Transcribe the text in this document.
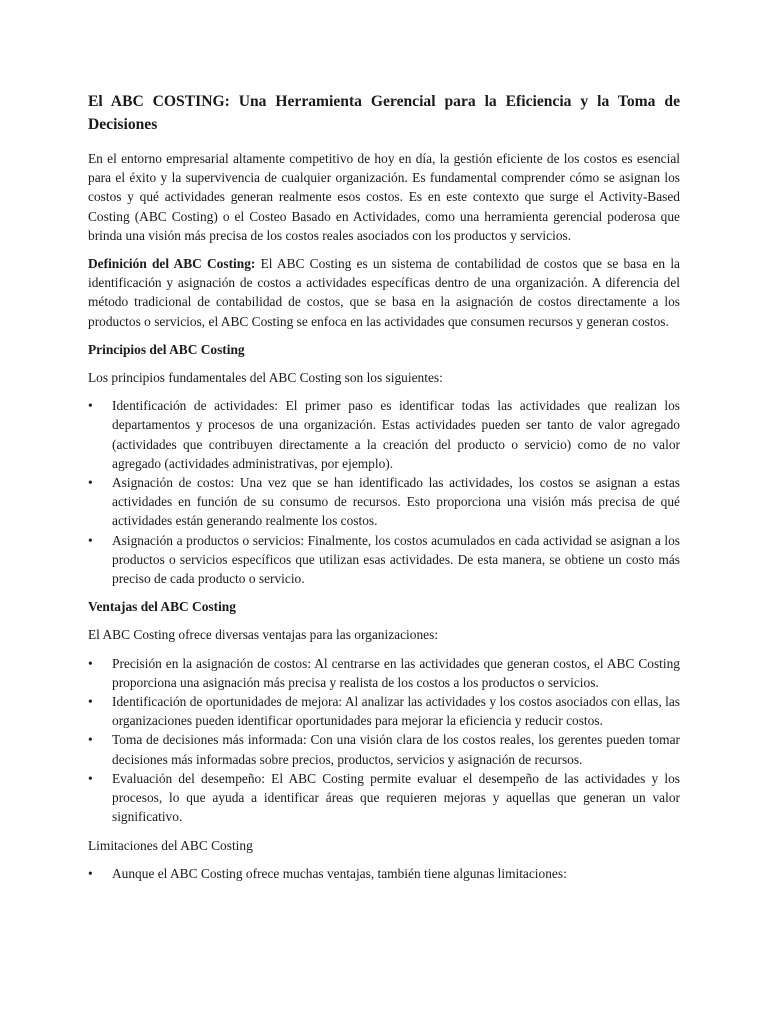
El ABC COSTING: Una Herramienta Gerencial para la Eficiencia y la Toma de Decisiones

En el entorno empresarial altamente competitivo de hoy en día, la gestión eficiente de los costos es esencial para el éxito y la supervivencia de cualquier organización. Es fundamental comprender cómo se asignan los costos y qué actividades generan realmente esos costos. Es en este contexto que surge el Activity-Based Costing (ABC Costing) o el Costeo Basado en Actividades, como una herramienta gerencial poderosa que brinda una visión más precisa de los costos reales asociados con los productos y servicios.

Definición del ABC Costing: El ABC Costing es un sistema de contabilidad de costos que se basa en la identificación y asignación de costos a actividades específicas dentro de una organización. A diferencia del método tradicional de contabilidad de costos, que se basa en la asignación de costos directamente a los productos o servicios, el ABC Costing se enfoca en las actividades que consumen recursos y generan costos.

Principios del ABC Costing

Los principios fundamentales del ABC Costing son los siguientes:

• Identificación de actividades: El primer paso es identificar todas las actividades que realizan los departamentos y procesos de una organización. Estas actividades pueden ser tanto de valor agregado (actividades que contribuyen directamente a la creación del producto o servicio) como de no valor agregado (actividades administrativas, por ejemplo).
• Asignación de costos: Una vez que se han identificado las actividades, los costos se asignan a estas actividades en función de su consumo de recursos. Esto proporciona una visión más precisa de qué actividades están generando realmente los costos.
• Asignación a productos o servicios: Finalmente, los costos acumulados en cada actividad se asignan a los productos o servicios específicos que utilizan esas actividades. De esta manera, se obtiene un costo más preciso de cada producto o servicio.
Ventajas del ABC Costing

El ABC Costing ofrece diversas ventajas para las organizaciones:

• Precisión en la asignación de costos: Al centrarse en las actividades que generan costos, el ABC Costing proporciona una asignación más precisa y realista de los costos a los productos o servicios.
• Identificación de oportunidades de mejora: Al analizar las actividades y los costos asociados con ellas, las organizaciones pueden identificar oportunidades para mejorar la eficiencia y reducir costos.
• Toma de decisiones más informada: Con una visión clara de los costos reales, los gerentes pueden tomar decisiones más informadas sobre precios, productos, servicios y asignación de recursos.
• Evaluación del desempeño: El ABC Costing permite evaluar el desempeño de las actividades y los procesos, lo que ayuda a identificar áreas que requieren mejoras y aquellas que generan un valor significativo.
Limitaciones del ABC Costing
• Aunque el ABC Costing ofrece muchas ventajas, también tiene algunas limitaciones:
